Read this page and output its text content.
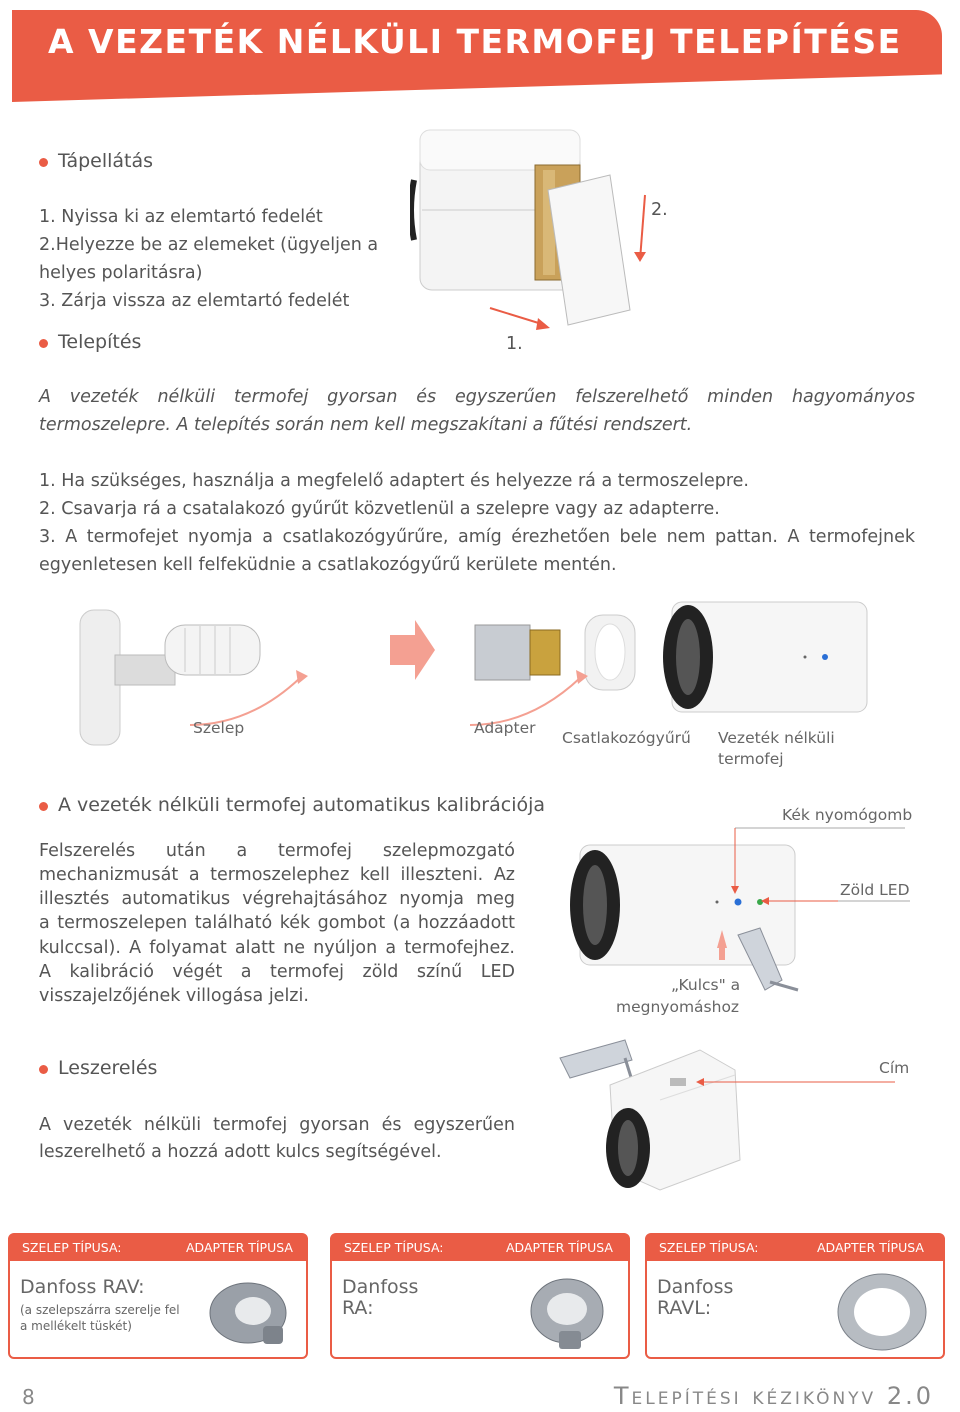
A VEZETÉK NÉLKÜLI TERMOFEJ TELEPÍTÉSE
Tápellátás
1. Nyissa ki az elemtartó fedelét
2.Helyezze be az elemeket (ügyeljen a
helyes polaritásra)
3. Zárja vissza az elemtartó fedelét
2.
1.
Telepítés
A vezeték nélküli termofej gyorsan és egyszerűen felszerelhető minden hagyományos
termoszelepre. A telepítés során nem kell megszakítani a fűtési rendszert.
1. Ha szükséges, használja a megfelelő adaptert és helyezze rá a termoszelepre.
2. Csavarja rá a csatalakozó gyűrűt közvetlenül a szelepre vagy az adapterre.
3. A termofejet nyomja a csatlakozógyűrűre, amíg érezhetően bele nem pattan. A termofejnek
egyenletesen kell felfeküdnie a csatlakozógyűrű kerülete mentén.
Szelep	Adapter
Csatlakozógyűrű Vezeték nélküli
termofej
A vezeték nélküli termofej automatikus kalibrációja
Felszerelés után a termofej szelepmozgató
mechanizmusát a termoszelephez kell illeszteni. Az
illesztés automatikus végrehajtásához nyomja meg
a termoszelepen található kék gombot (a hozzáadott
kulccsal). A folyamat alatt ne nyúljon a termofejhez.
A kalibráció végét a termofej zöld színű LED
visszajelzőjének villogása jelzi.
Kék nyomógomb
Zöld LED
„Kulcs" a
megnyomáshoz
Leszerelés
A vezeték nélküli termofej gyorsan és egyszerűen
leszerelhető a hozzá adott kulcs segítségével.
Cím
SZELEP TÍPUSA:	ADAPTER TÍPUSA
Danfoss RAV:

(a szelepszárra szerelje fel
a mellékelt tüskét)
SZELEP TÍPUSA:	ADAPTER TÍPUSA
Danfoss
RA:
SZELEP TÍPUSA:	ADAPTER TÍPUSA
Danfoss
RAVL:
8	Telepítési kézikönyv 2.0
